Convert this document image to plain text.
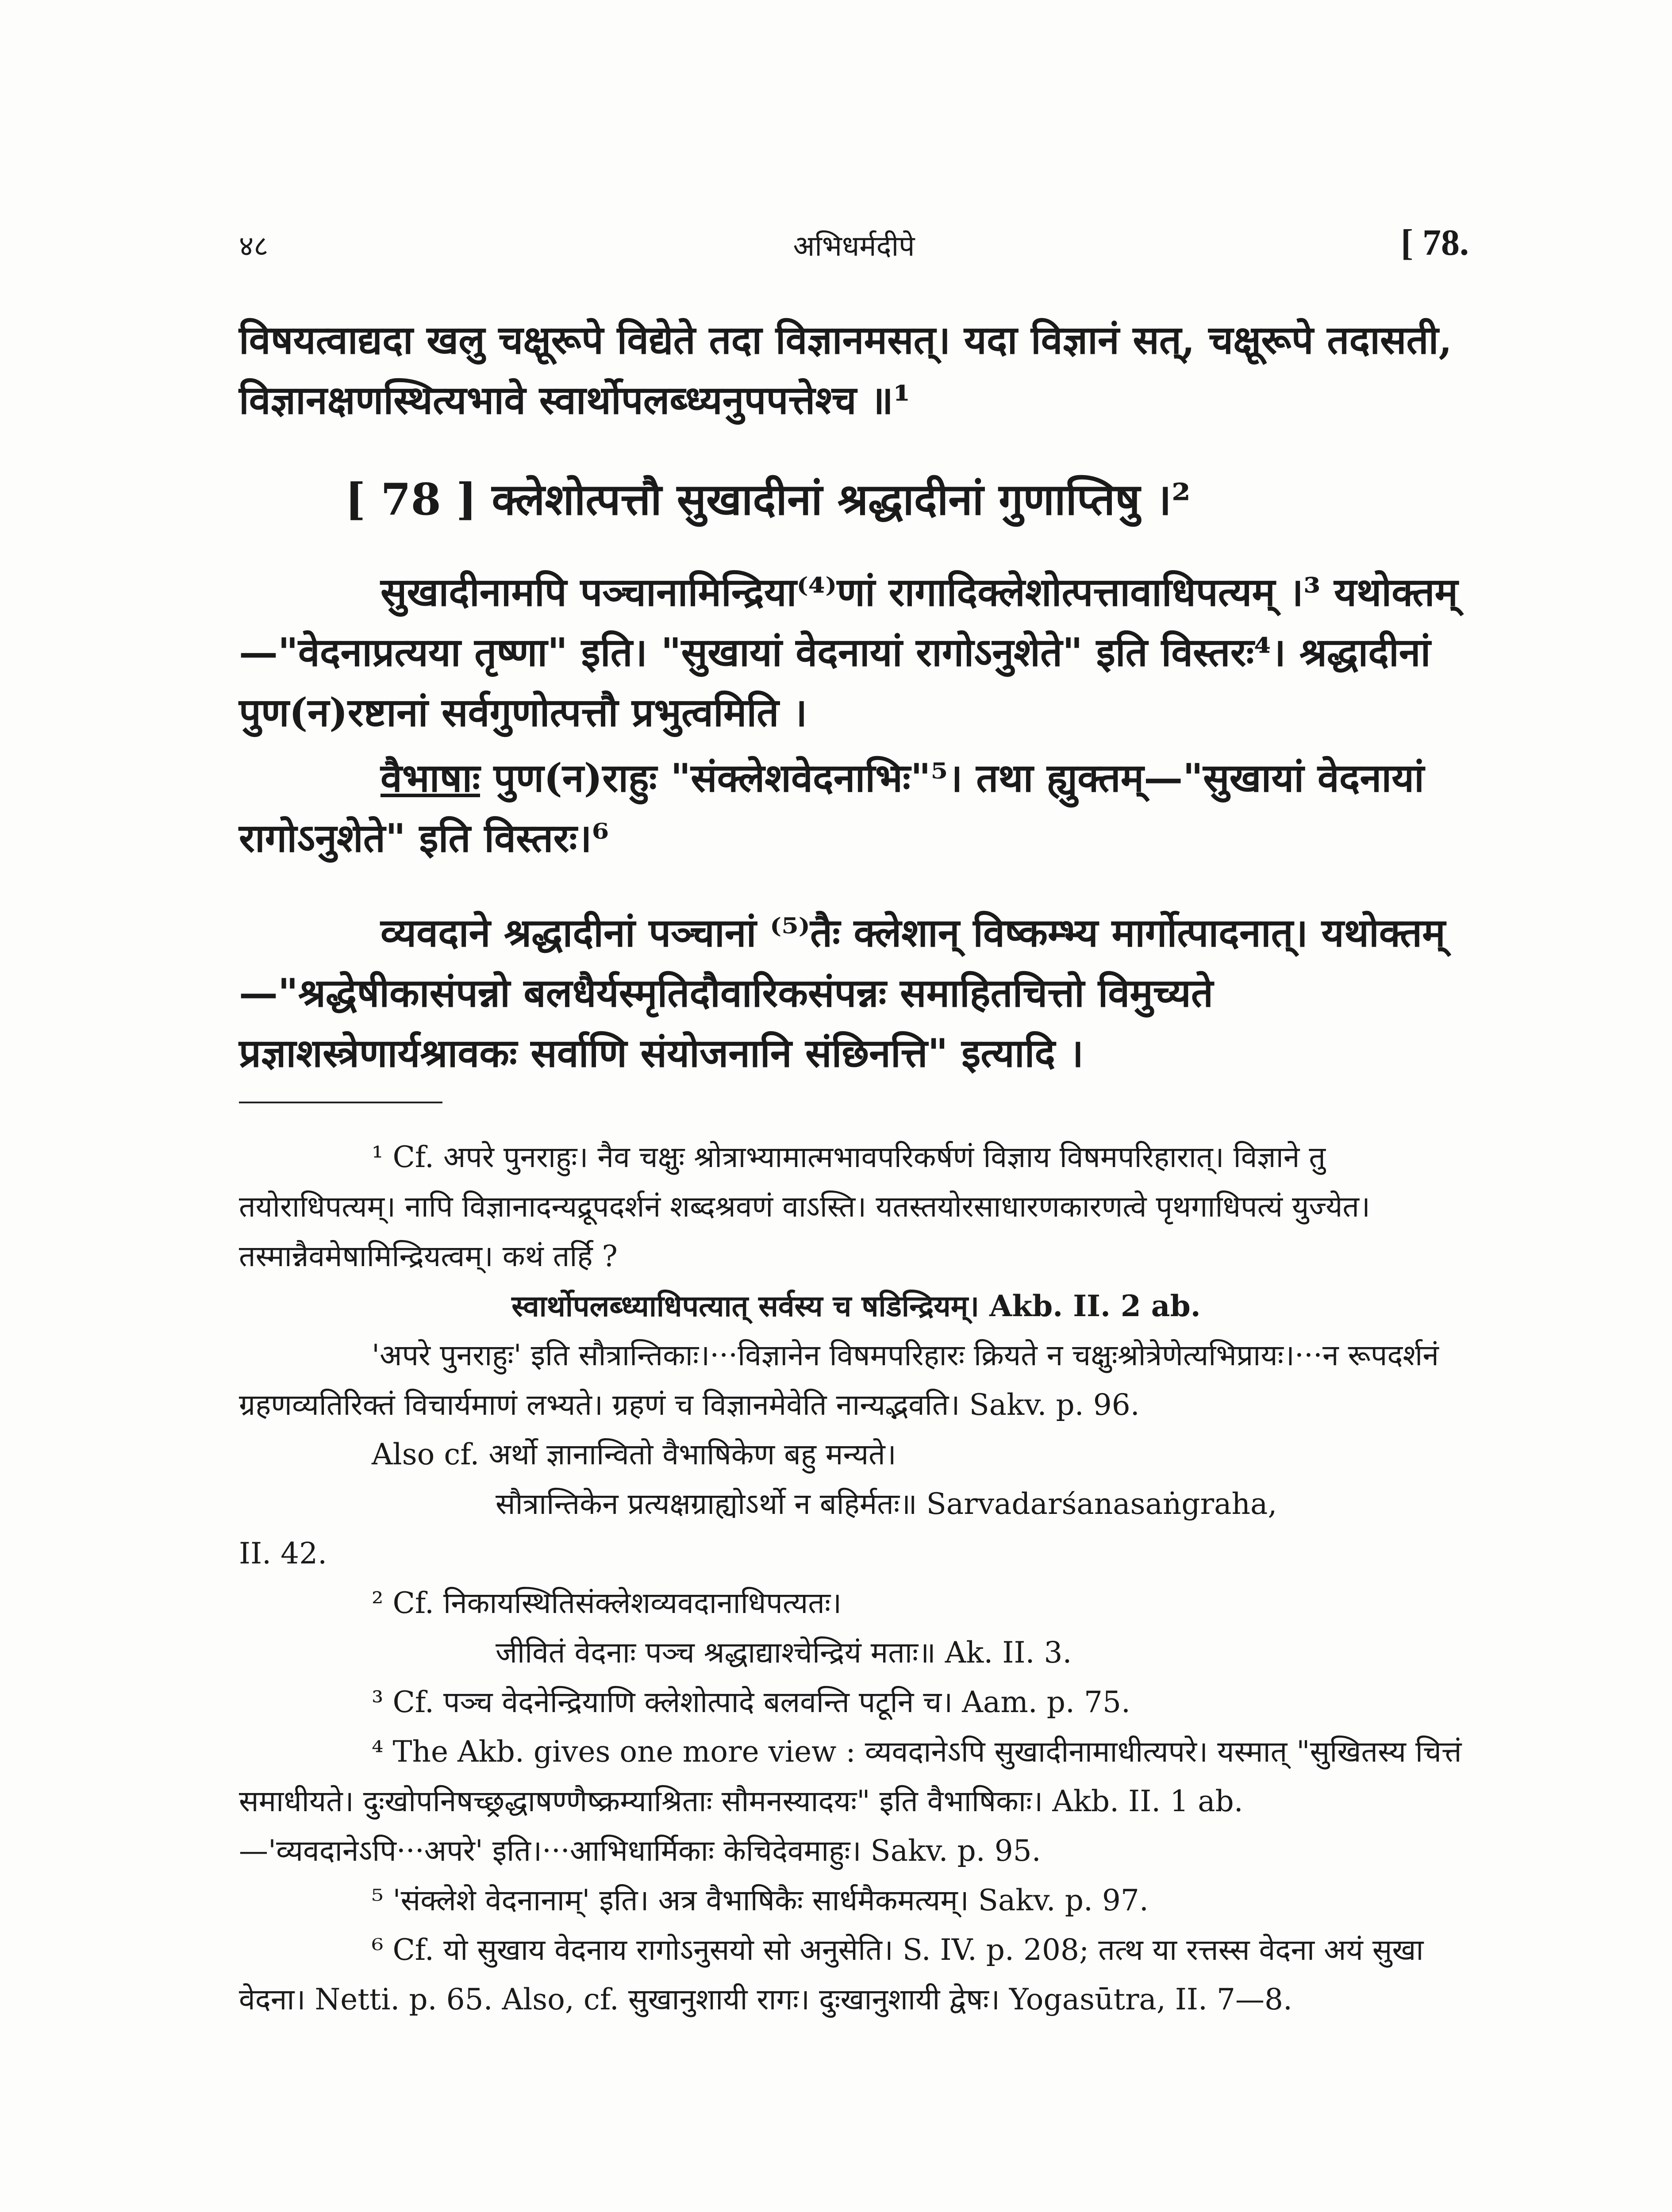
४८	अभिधर्मदीपे	[ 78.

विषयत्वाद्यदा खलु चक्षूरूपे विद्येते तदा विज्ञानमसत्। यदा विज्ञानं सत्, चक्षूरूपे तदासती, विज्ञानक्षणस्थित्यभावे स्वार्थोपलब्ध्यनुपपत्तेश्च ॥¹

[ 78 ] क्लेशोत्पत्तौ सुखादीनां श्रद्धादीनां गुणाप्तिषु ।²

सुखादीनामपि पञ्चानामिन्द्रिया⁽⁴⁾णां रागादिक्लेशोत्पत्तावाधिपत्यम् ।³ यथोक्तम्—"वेदनाप्रत्यया तृष्णा" इति। "सुखायां वेदनायां रागोऽनुशेते" इति विस्तरः⁴। श्रद्धादीनां पुण(न)रष्टानां सर्वगुणोत्पत्तौ प्रभुत्वमिति ।

वैभाषाः पुण(न)राहुः "संक्लेशवेदनाभिः"⁵। तथा ह्युक्तम्—"सुखायां वेदनायां रागोऽनुशेते" इति विस्तरः।⁶

व्यवदाने श्रद्धादीनां पञ्चानां ⁽⁵⁾तैः क्लेशान् विष्कम्भ्य मार्गोत्पादनात्। यथोक्तम्—"श्रद्धेषीकासंपन्नो बलधैर्यस्मृतिदौवारिकसंपन्नः समाहितचित्तो विमुच्यते प्रज्ञाशस्त्रेणार्यश्रावकः सर्वाणि संयोजनानि संछिनत्ति" इत्यादि ।

¹ Cf. अपरे पुनराहुः। नैव चक्षुः श्रोत्राभ्यामात्मभावपरिकर्षणं विज्ञाय विषमपरिहारात्। विज्ञाने तु तयोराधिपत्यम्। नापि विज्ञानादन्यद्रूपदर्शनं शब्दश्रवणं वाऽस्ति। यतस्तयोरसाधारणकारणत्वे पृथगाधिपत्यं युज्येत। तस्मान्नैवमेषामिन्द्रियत्वम्। कथं तर्हि ?

स्वार्थोपलब्ध्याधिपत्यात् सर्वस्य च षडिन्द्रियम्। Akb. II. 2 ab.

'अपरे पुनराहुः' इति सौत्रान्तिकाः।···विज्ञानेन विषमपरिहारः क्रियते न चक्षुःश्रोत्रेणेत्यभिप्रायः।···न रूपदर्शनं ग्रहणव्यतिरिक्तं विचार्यमाणं लभ्यते। ग्रहणं च विज्ञानमेवेति नान्यद्भवति। Sakv. p. 96.

Also cf. अर्थो ज्ञानान्वितो वैभाषिकेण बहु मन्यते।

सौत्रान्तिकेन प्रत्यक्षग्राह्योऽर्थो न बहिर्मतः॥ Sarvadarśanasaṅgraha,

II. 42.

² Cf. निकायस्थितिसंक्लेशव्यवदानाधिपत्यतः।

जीवितं वेदनाः पञ्च श्रद्धाद्याश्चेन्द्रियं मताः॥ Ak. II. 3.

³ Cf. पञ्च वेदनेन्द्रियाणि क्लेशोत्पादे बलवन्ति पटूनि च। Aam. p. 75.

⁴ The Akb. gives one more view : व्यवदानेऽपि सुखादीनामाधीत्यपरे। यस्मात् "सुखितस्य चित्तं समाधीयते। दुःखोपनिषच्छ्रद्धाषण्णैष्क्रम्याश्रिताः सौमनस्यादयः" इति वैभाषिकाः। Akb. II. 1 ab.—'व्यवदानेऽपि···अपरे' इति।···आभिधार्मिकाः केचिदेवमाहुः। Sakv. p. 95.

⁵ 'संक्लेशे वेदनानाम्' इति। अत्र वैभाषिकैः सार्धमैकमत्यम्। Sakv. p. 97.

⁶ Cf. यो सुखाय वेदनाय रागोऽनुसयो सो अनुसेति। S. IV. p. 208; तत्थ या रत्तस्स वेदना अयं सुखा वेदना। Netti. p. 65. Also, cf. सुखानुशायी रागः। दुःखानुशायी द्वेषः। Yogasūtra, II. 7—8.
